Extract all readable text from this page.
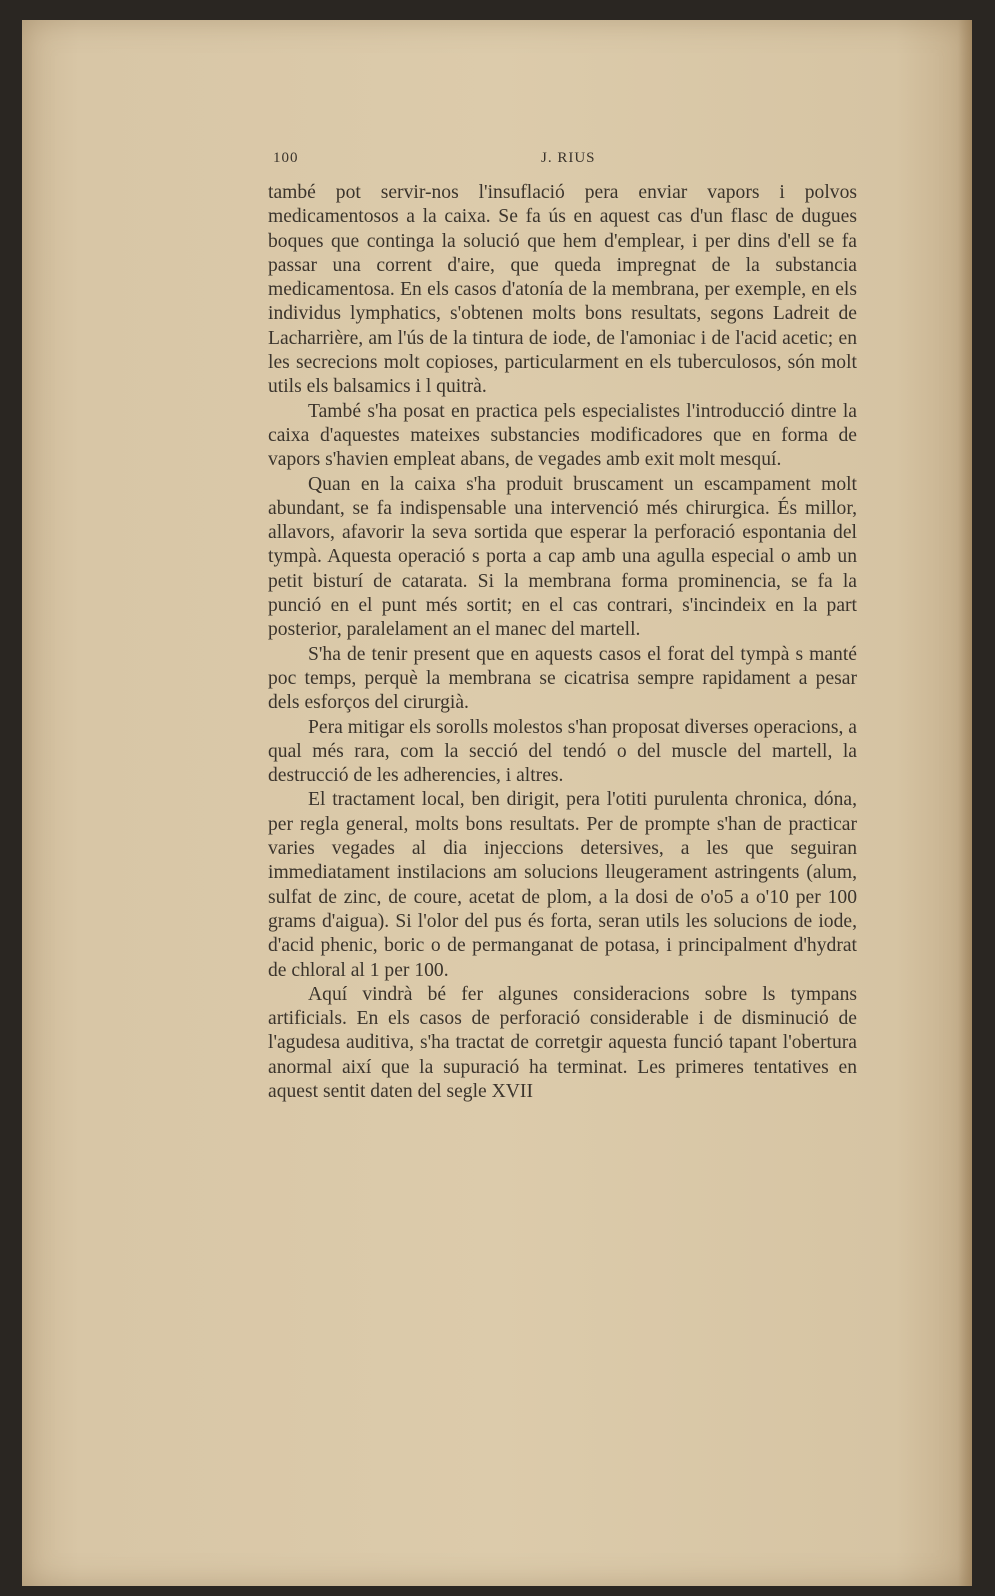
100	J. RIUS

també pot servir-nos l'insuflació pera enviar vapors i polvos medicamentosos a la caixa. Se fa ús en aquest cas d'un flasc de dugues boques que continga la solució que hem d'emplear, i per dins d'ell se fa passar una corrent d'aire, que queda impregnat de la substancia medicamentosa. En els casos d'atonía de la membrana, per exemple, en els individus lymphatics, s'obtenen molts bons resultats, segons Ladreit de Lacharrière, am l'ús de la tintura de iode, de l'amoniac i de l'acid acetic; en les secrecions molt copioses, particularment en els tuberculosos, són molt utils els balsamics i l quitrà.

També s'ha posat en practica pels especialistes l'introducció dintre la caixa d'aquestes mateixes substancies modificadores que en forma de vapors s'havien empleat abans, de vegades amb exit molt mesquí.

Quan en la caixa s'ha produit bruscament un escampament molt abundant, se fa indispensable una intervenció més chirurgica. És millor, allavors, afavorir la seva sortida que esperar la perforació espontania del tympà. Aquesta operació s porta a cap amb una agulla especial o amb un petit bisturí de catarata. Si la membrana forma prominencia, se fa la punció en el punt més sortit; en el cas contrari, s'incindeix en la part posterior, paralelament an el manec del martell.

S'ha de tenir present que en aquests casos el forat del tympà s manté poc temps, perquè la membrana se cicatrisa sempre rapidament a pesar dels esforços del cirurgià.

Pera mitigar els sorolls molestos s'han proposat diverses operacions, a qual més rara, com la secció del tendó o del muscle del martell, la destrucció de les adherencies, i altres.

El tractament local, ben dirigit, pera l'otiti purulenta chronica, dóna, per regla general, molts bons resultats. Per de prompte s'han de practicar varies vegades al dia injeccions detersives, a les que seguiran immediatament instilacions am solucions lleugerament astringents (alum, sulfat de zinc, de coure, acetat de plom, a la dosi de o'o5 a o'10 per 100 grams d'aigua). Si l'olor del pus és forta, seran utils les solucions de iode, d'acid phenic, boric o de permanganat de potasa, i principalment d'hydrat de chloral al 1 per 100.

Aquí vindrà bé fer algunes consideracions sobre ls tympans artificials. En els casos de perforació considerable i de disminució de l'agudesa auditiva, s'ha tractat de corretgir aquesta funció tapant l'obertura anormal així que la supuració ha terminat. Les primeres tentatives en aquest sentit daten del segle XVII
